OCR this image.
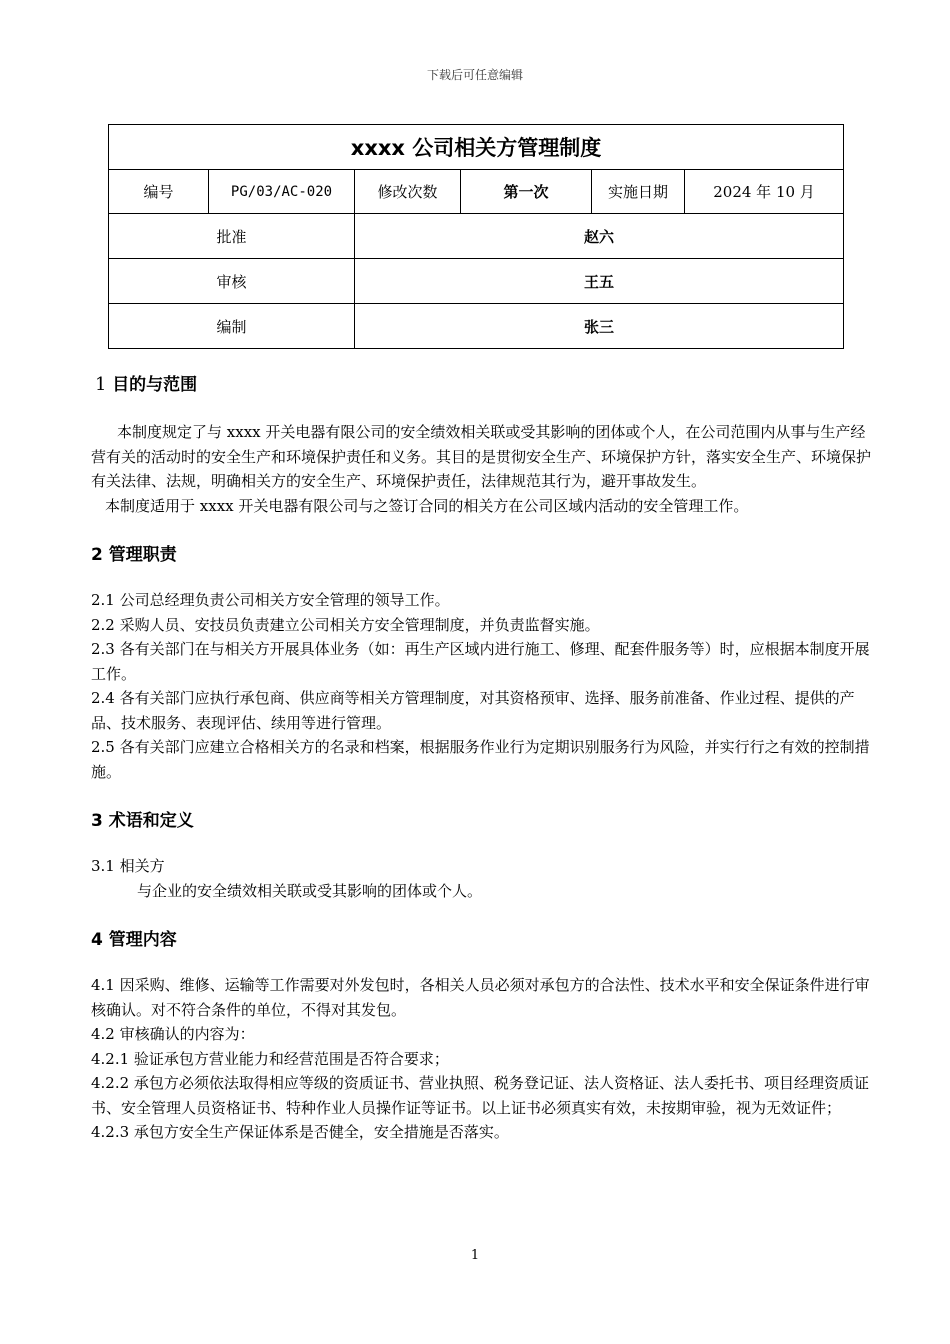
下载后可任意编辑
xxxx 公司相关方管理制度					
编号	PG/03/AC-020	修改次数	第一次	实施日期	2024 年 10 月
批准		赵六			
审核		王五			
编制		张三			

1 目的与范围

本制度规定了与 xxxx 开关电器有限公司的安全绩效相关联或受其影响的团体或个人，在公司范围内从事与生产经营有关的活动时的安全生产和环境保护责任和义务。其目的是贯彻安全生产、环境保护方针，落实安全生产、环境保护有关法律、法规，明确相关方的安全生产、环境保护责任，法律规范其行为，避开事故发生。

本制度适用于 xxxx 开关电器有限公司与之签订合同的相关方在公司区域内活动的安全管理工作。

2 管理职责

2.1 公司总经理负责公司相关方安全管理的领导工作。

2.2 采购人员、安技员负责建立公司相关方安全管理制度，并负责监督实施。

2.3 各有关部门在与相关方开展具体业务（如：再生产区域内进行施工、修理、配套件服务等）时，应根据本制度开展工作。

2.4 各有关部门应执行承包商、供应商等相关方管理制度，对其资格预审、选择、服务前准备、作业过程、提供的产品、技术服务、表现评估、续用等进行管理。

2.5 各有关部门应建立合格相关方的名录和档案，根据服务作业行为定期识别服务行为风险，并实行行之有效的控制措施。

3 术语和定义

3.1 相关方

与企业的安全绩效相关联或受其影响的团体或个人。

4 管理内容

4.1 因采购、维修、运输等工作需要对外发包时，各相关人员必须对承包方的合法性、技术水平和安全保证条件进行审核确认。对不符合条件的单位，不得对其发包。

4.2 审核确认的内容为：

4.2.1 验证承包方营业能力和经营范围是否符合要求；

4.2.2 承包方必须依法取得相应等级的资质证书、营业执照、税务登记证、法人资格证、法人委托书、项目经理资质证书、安全管理人员资格证书、特种作业人员操作证等证书。以上证书必须真实有效，未按期审验，视为无效证件；

4.2.3 承包方安全生产保证体系是否健全，安全措施是否落实。

1
